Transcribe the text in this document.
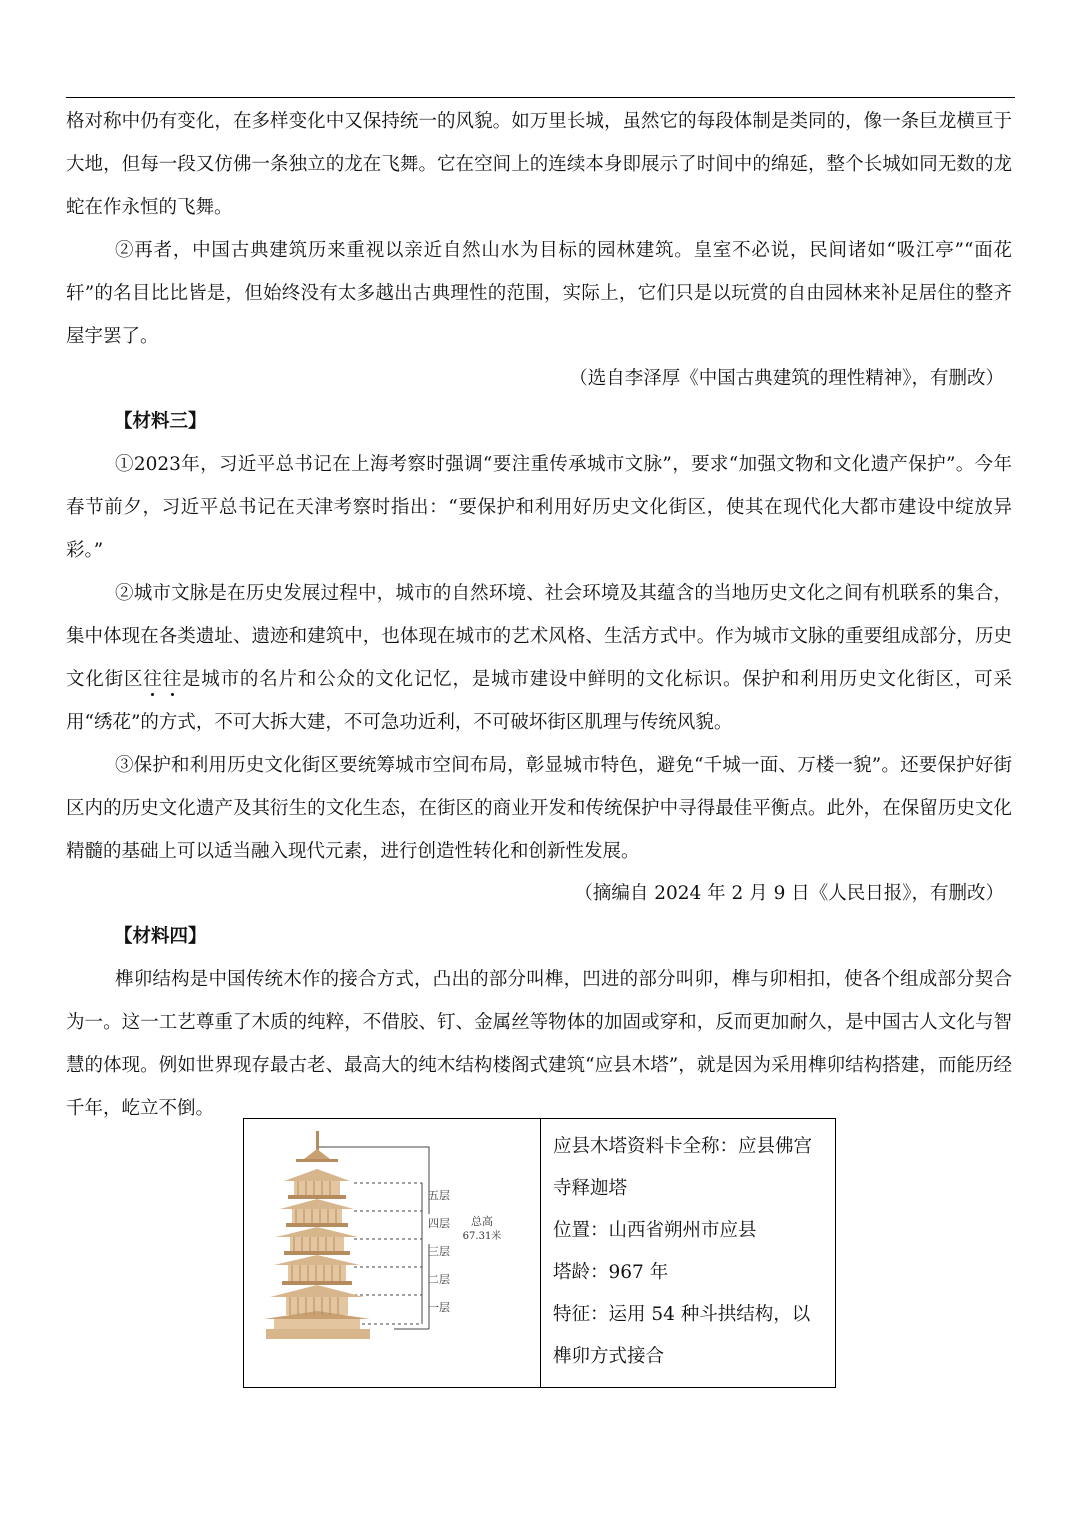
格对称中仍有变化，在多样变化中又保持统一的风貌。如万里长城，虽然它的每段体制是类同的，像一条巨龙横亘于大地，但每一段又仿佛一条独立的龙在飞舞。它在空间上的连续本身即展示了时间中的绵延，整个长城如同无数的龙蛇在作永恒的飞舞。

②再者，中国古典建筑历来重视以亲近自然山水为目标的园林建筑。皇室不必说，民间诸如“吸江亭”“面花轩”的名目比比皆是，但始终没有太多越出古典理性的范围，实际上，它们只是以玩赏的自由园林来补足居住的整齐屋宇罢了。

（选自李泽厚《中国古典建筑的理性精神》，有删改）

【材料三】

①2023年，习近平总书记在上海考察时强调“要注重传承城市文脉”，要求“加强文物和文化遗产保护”。今年春节前夕，习近平总书记在天津考察时指出：“要保护和利用好历史文化街区，使其在现代化大都市建设中绽放异彩。”

②城市文脉是在历史发展过程中，城市的自然环境、社会环境及其蕴含的当地历史文化之间有机联系的集合，集中体现在各类遗址、遗迹和建筑中，也体现在城市的艺术风格、生活方式中。作为城市文脉的重要组成部分，历史文化街区往
往
是城市的名片和公众的文化记忆，是城市建设中鲜明的文化标识。保护和利用历史文化街区，可采用“绣花”的方式，不可大拆大建，不可急功近利，不可破坏街区肌理与传统风貌。

③保护和利用历史文化街区要统筹城市空间布局，彰显城市特色，避免“千城一面、万楼一貌”。还要保护好街区内的历史文化遗产及其衍生的文化生态，在街区的商业开发和传统保护中寻得最佳平衡点。此外，在保留历史文化精髓的基础上可以适当融入现代元素，进行创造性转化和创新性发展。

（摘编自 2024 年 2 月 9 日《人民日报》，有删改）

【材料四】

榫卯结构是中国传统木作的接合方式，凸出的部分叫榫，凹进的部分叫卯，榫与卯相扣，使各个组成部分契合为一。这一工艺尊重了木质的纯粹，不借胶、钉、金属丝等物体的加固或穿和，反而更加耐久，是中国古人文化与智慧的体现。例如世界现存最古老、最高大的纯木结构楼阁式建筑“应县木塔”，就是因为采用榫卯结构搭建，而能历经千年，屹立不倒。

五层
四层
三层
二层
一层
总高
67.31米

应县木塔资料卡全称：应县佛宫寺释迦塔

位置：山西省朔州市应县

塔龄：967 年

特征：运用 54 种斗拱结构，以榫卯方式接合
